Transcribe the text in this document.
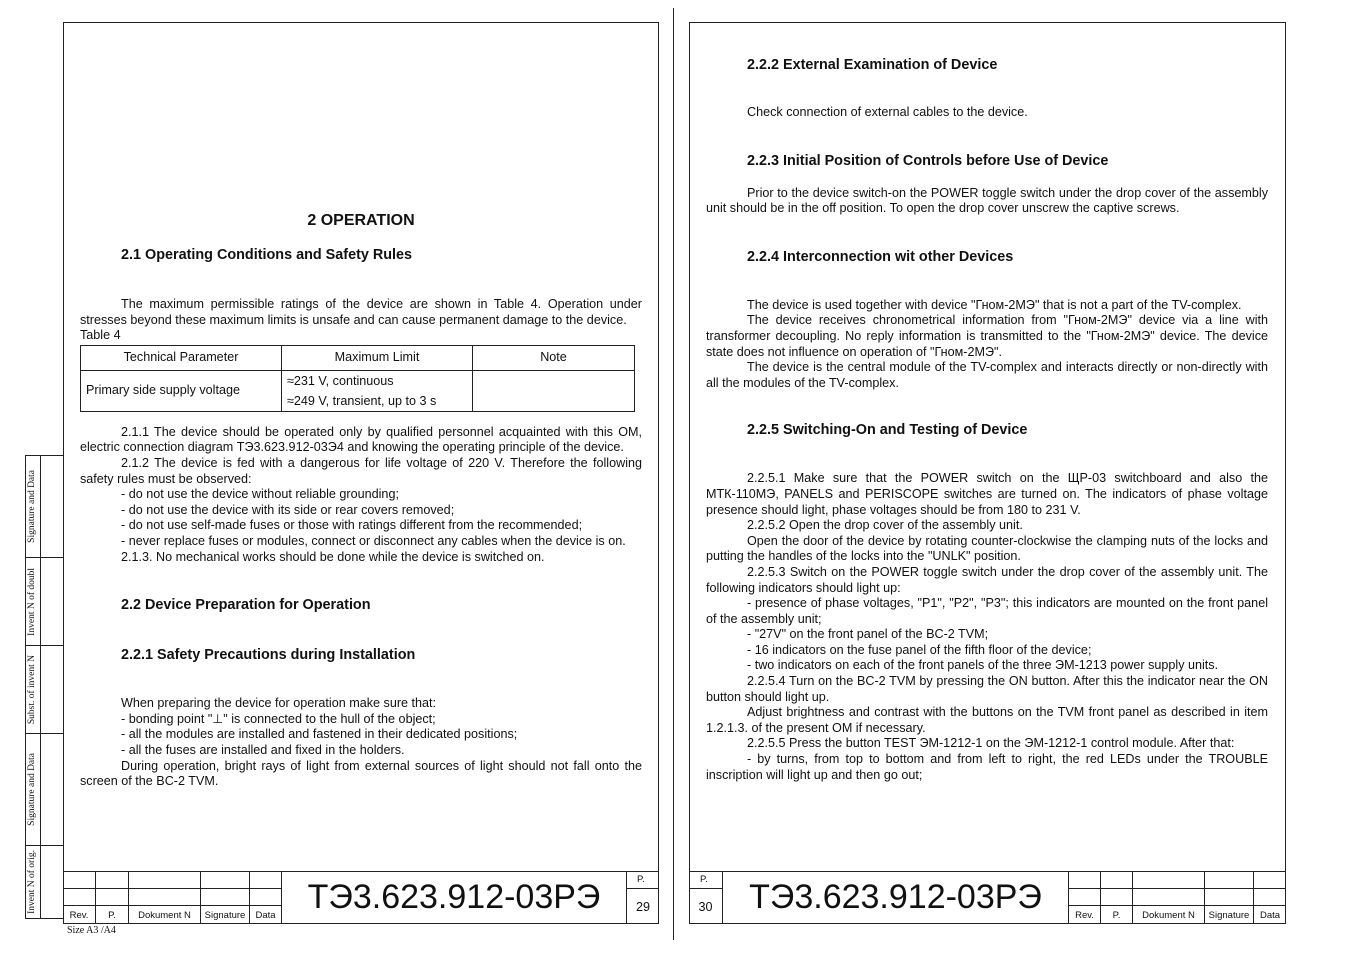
Signature and Data
Invent N of doubl
Subst. of invent N
Signature and Data
Invent N of orig.
Size A3 /A4

2 OPERATION

2.1 Operating Conditions and Safety Rules

The maximum permissible ratings of the device are shown in Table 4. Operation under stresses beyond these maximum limits is unsafe and can cause permanent damage to the device.

Table 4

Technical Parameter	Maximum Limit	Note
Primary side supply voltage	≈231 V, continuous
≈249 V, transient, up to 3 s	

2.1.1 The device should be operated only by qualified personnel acquainted with this OM, electric connection diagram ТЭ3.623.912-03Э4 and knowing the operating principle of the device.

2.1.2 The device is fed with a dangerous for life voltage of 220 V. Therefore the following safety rules must be observed:

- do not use the device without reliable grounding;

- do not use the device with its side or rear covers removed;

- do not use self-made fuses or those with ratings different from the recommended;

- never replace fuses or modules, connect or disconnect any cables when the device is on.

2.1.3. No mechanical works should be done while the device is switched on.

2.2 Device Preparation for Operation

2.2.1 Safety Precautions during Installation

When preparing the device for operation make sure that:

- bonding point "⊥" is connected to the hull of the object;

- all the modules are installed and fastened in their dedicated positions;

- all the fuses are installed and fixed in the holders.

During operation, bright rays of light from external sources of light should not fall onto the screen of the BC-2 TVM.

2.2.2 External Examination of Device

Check connection of external cables to the device.

2.2.3 Initial Position of Controls before Use of Device

Prior to the device switch-on the POWER toggle switch under the drop cover of the assembly unit should be in the off position. To open the drop cover unscrew the captive screws.

2.2.4 Interconnection wit other Devices

The device is used together with device "Гном-2МЭ" that is not a part of the TV-complex.

The device receives chronometrical information from "Гном-2МЭ" device via a line with transformer decoupling. No reply information is transmitted to the "Гном-2МЭ" device. The device state does not influence on operation of "Гном-2МЭ".

The device is the central module of the TV-complex and interacts directly or non-directly with all the modules of the TV-complex.

2.2.5 Switching-On and Testing of Device

2.2.5.1 Make sure that the POWER switch on the ЩР-03 switchboard and also the МТК-110МЭ, PANELS and PERISCOPE switches are turned on. The indicators of phase voltage presence should light, phase voltages should be from 180 to 231 V.

2.2.5.2 Open the drop cover of the assembly unit.

Open the door of the device by rotating counter-clockwise the clamping nuts of the locks and putting the handles of the locks into the "UNLK" position.

2.2.5.3 Switch on the POWER toggle switch under the drop cover of the assembly unit. The following indicators should light up:

- presence of phase voltages, "P1", "P2", "P3"; this indicators are mounted on the front panel of the assembly unit;

- "27V" on the front panel of the BC-2 TVM;

- 16 indicators on the fuse panel of the fifth floor of the device;

- two indicators on each of the front panels of the three ЭМ-1213 power supply units.

2.2.5.4 Turn on the BC-2 TVM by pressing the ON button. After this the indicator near the ON button should light up.

Adjust brightness and contrast with the buttons on the TVM front panel as described in item 1.2.1.3. of the present OM if necessary.

2.2.5.5 Press the button TEST ЭМ-1212-1 on the ЭМ-1212-1 control module. After that:

- by turns, from top to bottom and from left to right, the red LEDs under the TROUBLE inscription will light up and then go out;

Rev.	P.	Dokument N	Signature	Data ТЭ3.623.912-03РЭ	P.
29
P.
30	ТЭ3.623.912-03РЭ	Rev.	P.	Dokument N	Signature	Data
